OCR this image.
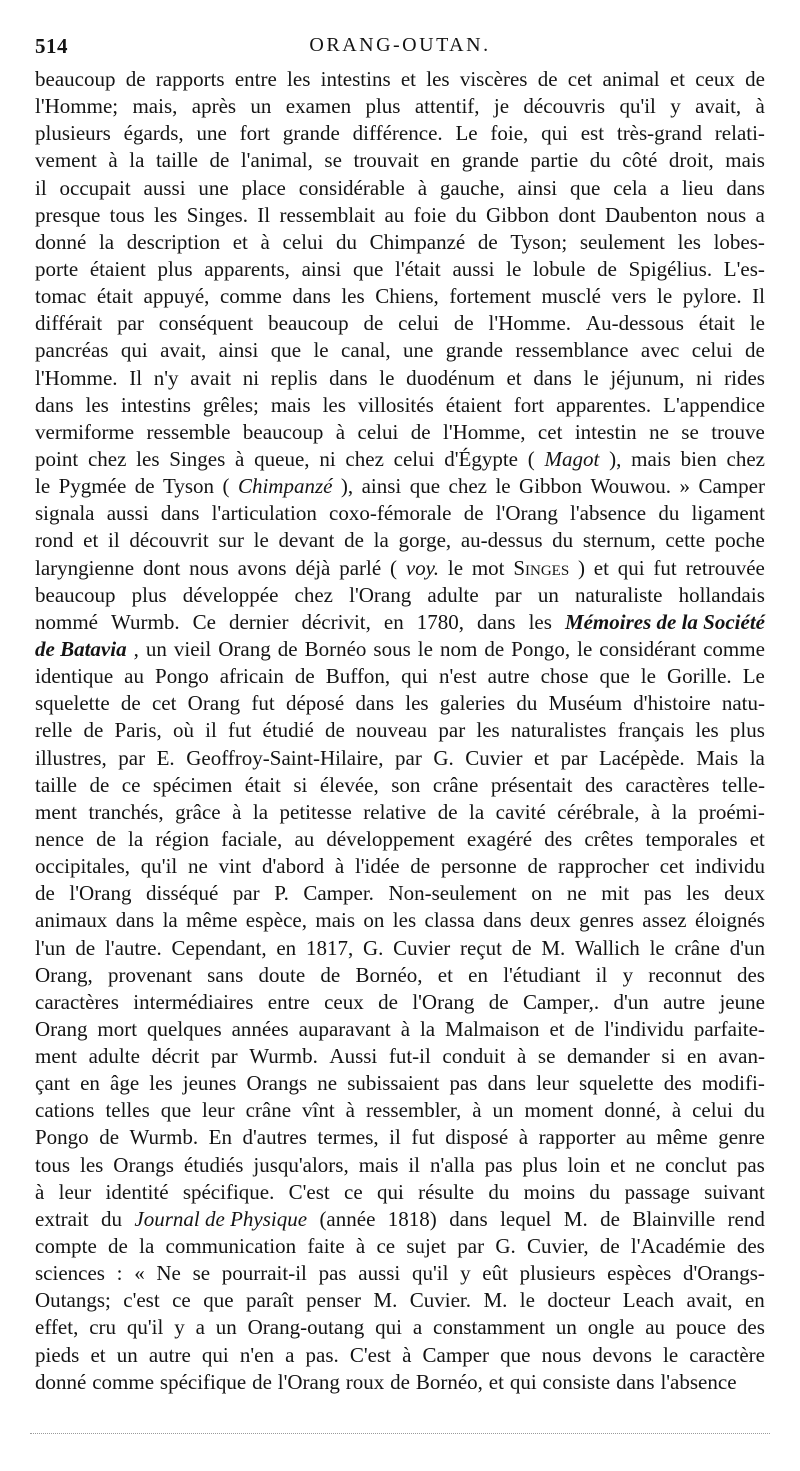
514	ORANG-OUTAN.
beaucoup de rapports entre les intestins et les viscères de cet animal et ceux de
l'Homme; mais, après un examen plus attentif, je découvris qu'il y avait, à
plusieurs égards, une fort grande différence. Le foie, qui est très-grand relati-
vement à la taille de l'animal, se trouvait en grande partie du côté droit, mais
il occupait aussi une place considérable à gauche, ainsi que cela a lieu dans
presque tous les Singes. Il ressemblait au foie du Gibbon dont Daubenton nous a
donné la description et à celui du Chimpanzé de Tyson; seulement les lobes-
porte étaient plus apparents, ainsi que l'était aussi le lobule de Spigélius. L'es-
tomac était appuyé, comme dans les Chiens, fortement musclé vers le pylore. Il
différait par conséquent beaucoup de celui de l'Homme. Au-dessous était le
pancréas qui avait, ainsi que le canal, une grande ressemblance avec celui de
l'Homme. Il n'y avait ni replis dans le duodénum et dans le jéjunum, ni rides
dans les intestins grêles; mais les villosités étaient fort apparentes. L'appendice
vermiforme ressemble beaucoup à celui de l'Homme, cet intestin ne se trouve
point chez les Singes à queue, ni chez celui d'Égypte ( Magot ), mais bien chez
le Pygmée de Tyson ( Chimpanzé ), ainsi que chez le Gibbon Wouwou. » Camper
signala aussi dans l'articulation coxo-fémorale de l'Orang l'absence du ligament
rond et il découvrit sur le devant de la gorge, au-dessus du sternum, cette poche
laryngienne dont nous avons déjà parlé ( voy. le mot Singes ) et qui fut retrouvée
beaucoup plus développée chez l'Orang adulte par un naturaliste hollandais
nommé Wurmb. Ce dernier décrivit, en 1780, dans les Mémoires de la Société
de Batavia , un vieil Orang de Bornéo sous le nom de Pongo, le considérant comme
identique au Pongo africain de Buffon, qui n'est autre chose que le Gorille. Le
squelette de cet Orang fut déposé dans les galeries du Muséum d'histoire natu-
relle de Paris, où il fut étudié de nouveau par les naturalistes français les plus
illustres, par E. Geoffroy-Saint-Hilaire, par G. Cuvier et par Lacépède. Mais la
taille de ce spécimen était si élevée, son crâne présentait des caractères telle-
ment tranchés, grâce à la petitesse relative de la cavité cérébrale, à la proémi-
nence de la région faciale, au développement exagéré des crêtes temporales et
occipitales, qu'il ne vint d'abord à l'idée de personne de rapprocher cet individu
de l'Orang disséqué par P. Camper. Non-seulement on ne mit pas les deux
animaux dans la même espèce, mais on les classa dans deux genres assez éloignés
l'un de l'autre. Cependant, en 1817, G. Cuvier reçut de M. Wallich le crâne d'un
Orang, provenant sans doute de Bornéo, et en l'étudiant il y reconnut des
caractères intermédiaires entre ceux de l'Orang de Camper,. d'un autre jeune
Orang mort quelques années auparavant à la Malmaison et de l'individu parfaite-
ment adulte décrit par Wurmb. Aussi fut-il conduit à se demander si en avan-
çant en âge les jeunes Orangs ne subissaient pas dans leur squelette des modifi-
cations telles que leur crâne vînt à ressembler, à un moment donné, à celui du
Pongo de Wurmb. En d'autres termes, il fut disposé à rapporter au même genre
tous les Orangs étudiés jusqu'alors, mais il n'alla pas plus loin et ne conclut pas
à leur identité spécifique. C'est ce qui résulte du moins du passage suivant
extrait du Journal de Physique (année 1818) dans lequel M. de Blainville rend
compte de la communication faite à ce sujet par G. Cuvier, de l'Académie des
sciences : « Ne se pourrait-il pas aussi qu'il y eût plusieurs espèces d'Orangs-
Outangs; c'est ce que paraît penser M. Cuvier. M. le docteur Leach avait, en
effet, cru qu'il y a un Orang-outang qui a constamment un ongle au pouce des
pieds et un autre qui n'en a pas. C'est à Camper que nous devons le caractère
donné comme spécifique de l'Orang roux de Bornéo, et qui consiste dans l'absence
